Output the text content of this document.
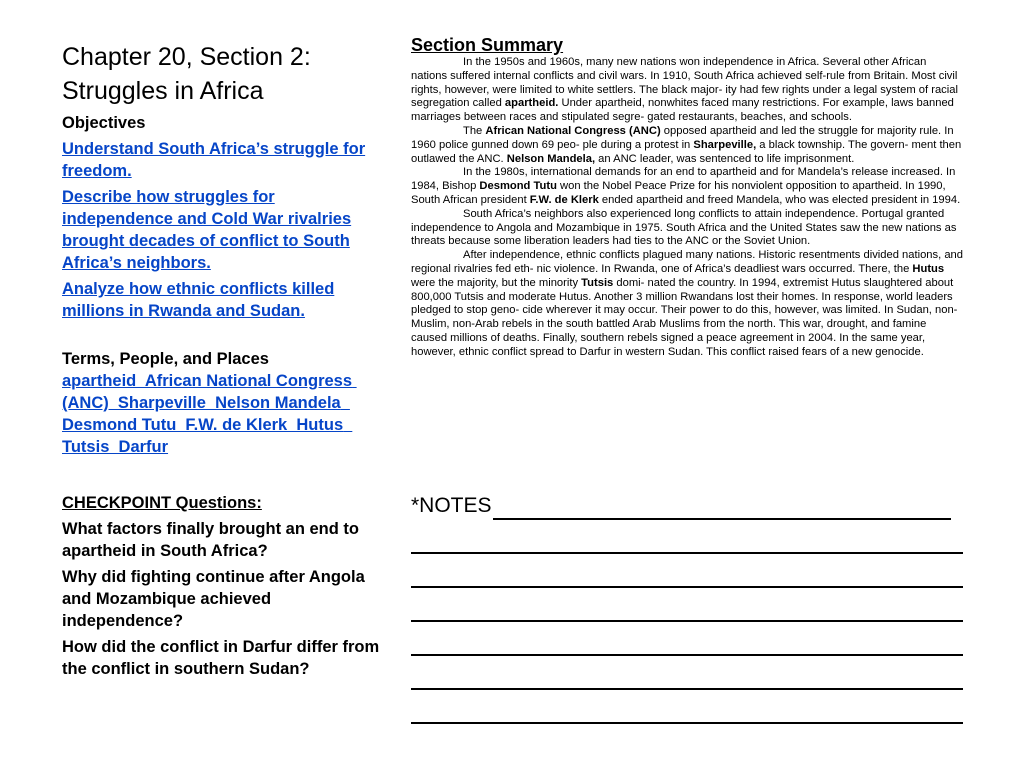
Chapter 20, Section 2:
Struggles in Africa
Objectives
Understand South Africa’s struggle for freedom.
Describe how struggles for independence and Cold War rivalries brought decades of conflict to South Africa’s neighbors.
Analyze how ethnic conflicts killed millions in Rwanda and Sudan.
Terms, People, and Places
apartheid  African National Congress (ANC)  Sharpeville  Nelson Mandela  Desmond Tutu  F.W. de Klerk  Hutus  Tutsis  Darfur
CHECKPOINT Questions:
What factors finally brought an end to apartheid in South Africa?
Why did fighting continue after Angola and Mozambique achieved independence?
How did the conflict in Darfur differ from the conflict in southern Sudan?
Section Summary

In the 1950s and 1960s, many new nations won independence in Africa. Several other African nations suffered internal conflicts and civil wars. In 1910, South Africa achieved self-rule from Britain. Most civil rights, however, were limited to white settlers. The black major- ity had few rights under a legal system of racial segregation called apartheid. Under apartheid, nonwhites faced many restrictions. For example, laws banned marriages between races and stipulated segre- gated restaurants, beaches, and schools.

The African National Congress (ANC) opposed apartheid and led the struggle for majority rule. In 1960 police gunned down 69 peo- ple during a protest in Sharpeville, a black township. The govern- ment then outlawed the ANC. Nelson Mandela, an ANC leader, was sentenced to life imprisonment.

In the 1980s, international demands for an end to apartheid and for Mandela’s release increased. In 1984, Bishop Desmond Tutu won the Nobel Peace Prize for his nonviolent opposition to apartheid. In 1990, South African president F.W. de Klerk ended apartheid and freed Mandela, who was elected president in 1994.

South Africa’s neighbors also experienced long conflicts to attain independence. Portugal granted independence to Angola and Mozambique in 1975. South Africa and the United States saw the new nations as threats because some liberation leaders had ties to the ANC or the Soviet Union.

After independence, ethnic conflicts plagued many nations. Historic resentments divided nations, and regional rivalries fed eth- nic violence. In Rwanda, one of Africa’s deadliest wars occurred. There, the Hutus were the majority, but the minority Tutsis domi- nated the country. In 1994, extremist Hutus slaughtered about 800,000 Tutsis and moderate Hutus. Another 3 million Rwandans lost their homes. In response, world leaders pledged to stop geno- cide wherever it may occur. Their power to do this, however, was limited. In Sudan, non-Muslim, non-Arab rebels in the south battled Arab Muslims from the north. This war, drought, and famine caused millions of deaths. Finally, southern rebels signed a peace agreement in 2004. In the same year, however, ethnic conflict spread to Darfur in western Sudan. This conflict raised fears of a new genocide.

*NOTES
